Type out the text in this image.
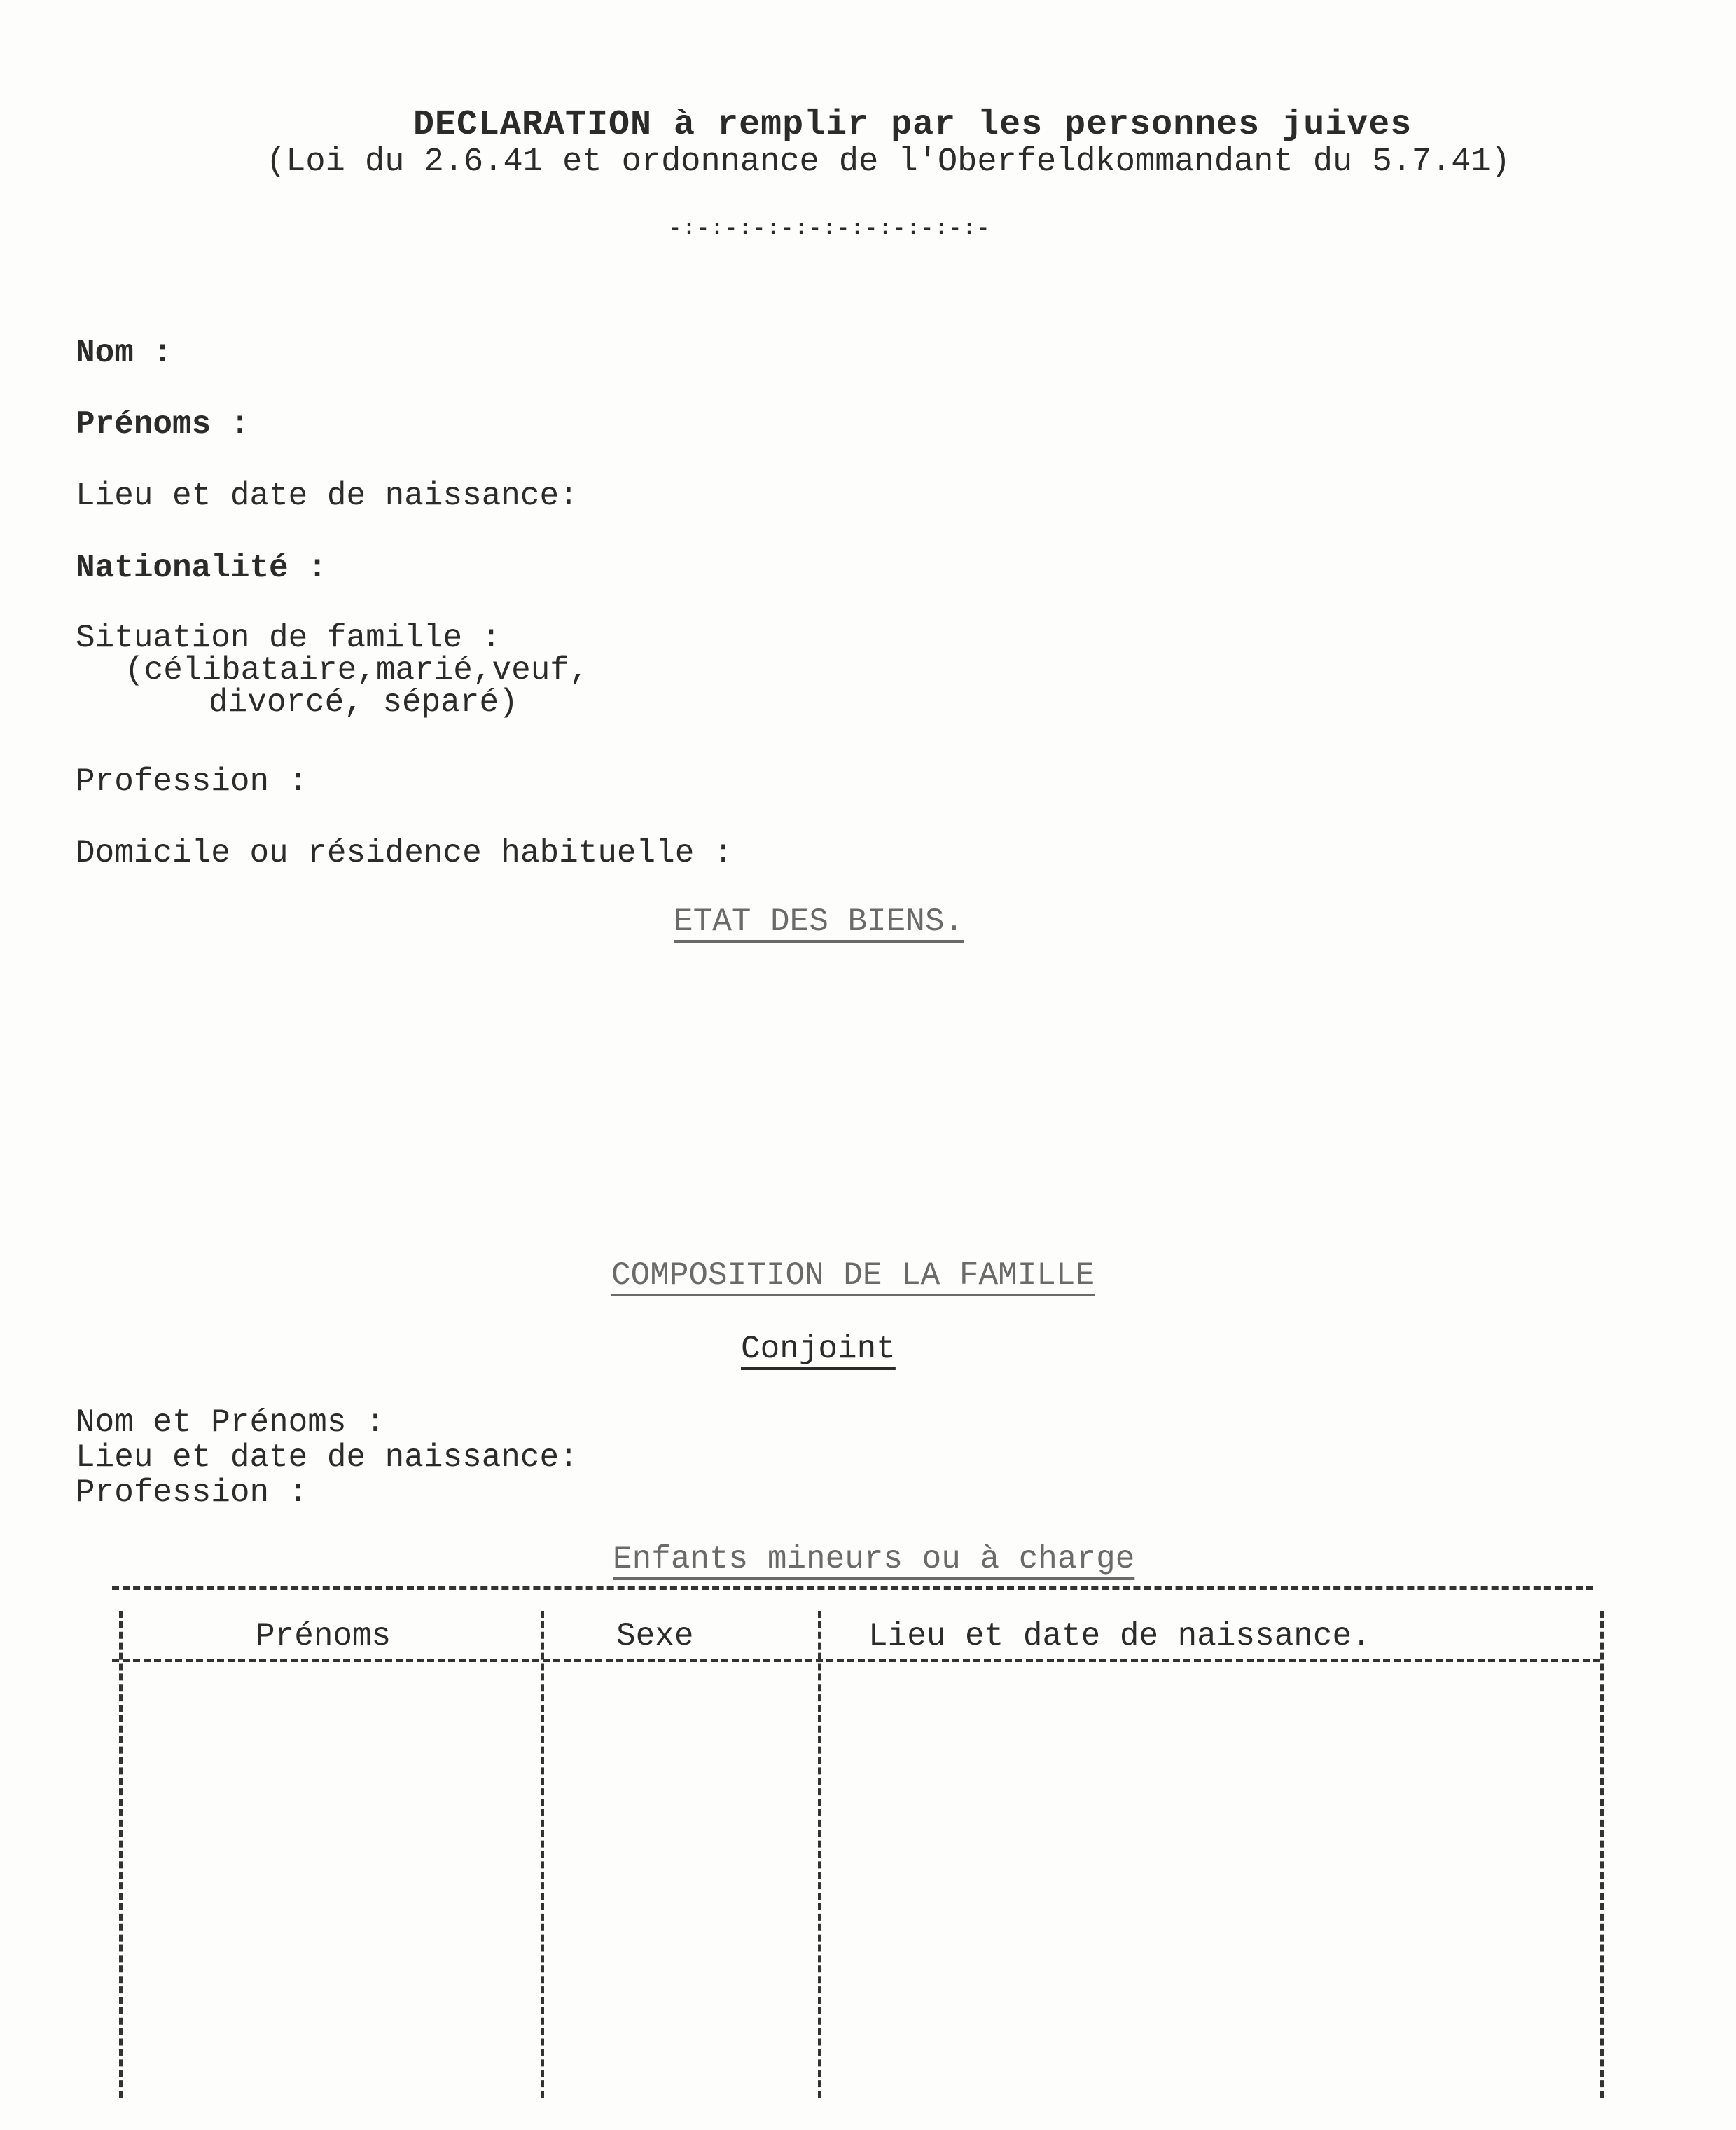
DECLARATION à remplir par les personnes juives
(Loi du 2.6.41 et ordonnance de l'Oberfeldkommandant du 5.7.41)
-:-:-:-:-:-:-:-:-:-:-:-
Nom :
Prénoms :
Lieu et date de naissance:
Nationalité :
Situation de famille :
(célibataire,marié,veuf,
divorcé, séparé)
Profession :
Domicile ou résidence habituelle :
ETAT DES BIENS.
COMPOSITION DE LA FAMILLE
Conjoint
Nom et Prénoms :
Lieu et date de naissance:
Profession :
Enfants mineurs ou à charge
Prénoms	Sexe	Lieu et date de naissance.
